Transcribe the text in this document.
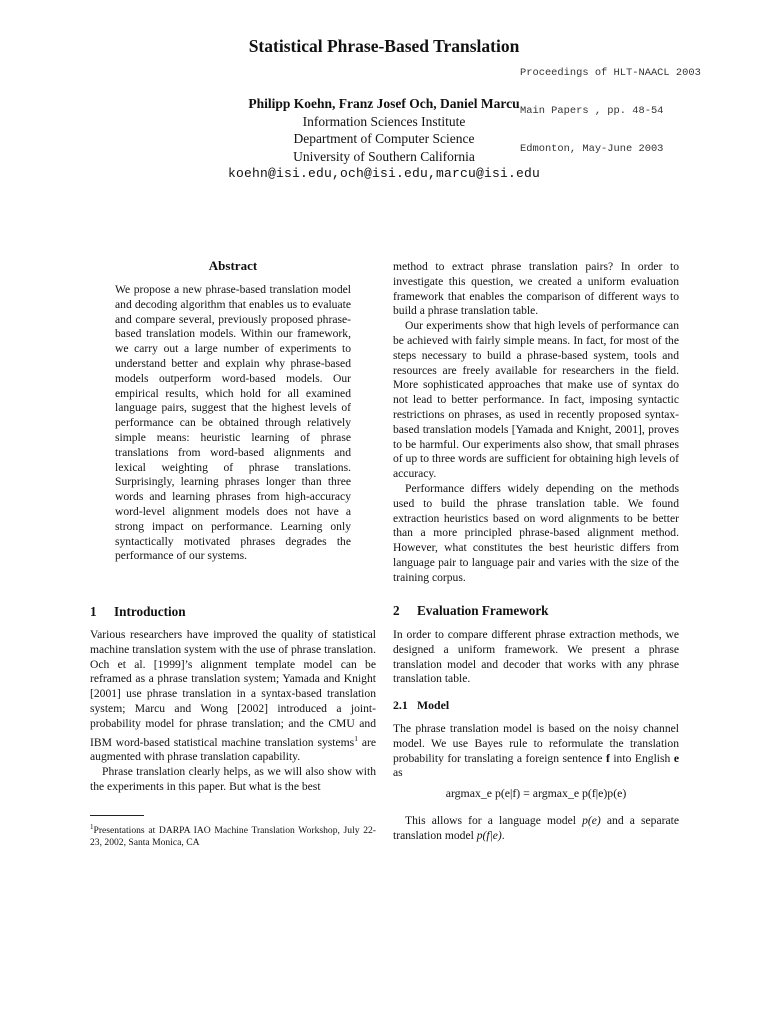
Statistical Phrase-Based Translation

Proceedings of HLT-NAACL 2003

Main Papers , pp. 48-54

Edmonton, May-June 2003

Philipp Koehn, Franz Josef Och, Daniel Marcu
Information Sciences Institute
Department of Computer Science
University of Southern California
koehn@isi.edu,och@isi.edu,marcu@isi.edu
Abstract

We propose a new phrase-based translation model and decoding algorithm that enables us to evaluate and compare several, previously proposed phrase-based translation models. Within our framework, we carry out a large number of experiments to understand better and explain why phrase-based models outperform word-based models. Our empirical results, which hold for all examined language pairs, suggest that the highest levels of performance can be obtained through relatively simple means: heuristic learning of phrase translations from word-based alignments and lexical weighting of phrase translations. Surprisingly, learning phrases longer than three words and learning phrases from high-accuracy word-level alignment models does not have a strong impact on performance. Learning only syntactically motivated phrases degrades the performance of our systems.

1 Introduction

Various researchers have improved the quality of statistical machine translation system with the use of phrase translation. Och et al. [1999]’s alignment template model can be reframed as a phrase translation system; Yamada and Knight [2001] use phrase translation in a syntax-based translation system; Marcu and Wong [2002] introduced a joint-probability model for phrase translation; and the CMU and IBM word-based statistical machine translation systems$^1$ are augmented with phrase translation capability.

Phrase translation clearly helps, as we will also show with the experiments in this paper. But what is the best

$^1$Presentations at DARPA IAO Machine Translation Workshop, July 22-23, 2002, Santa Monica, CA

method to extract phrase translation pairs? In order to investigate this question, we created a uniform evaluation framework that enables the comparison of different ways to build a phrase translation table.

Our experiments show that high levels of performance can be achieved with fairly simple means. In fact, for most of the steps necessary to build a phrase-based system, tools and resources are freely available for researchers in the field. More sophisticated approaches that make use of syntax do not lead to better performance. In fact, imposing syntactic restrictions on phrases, as used in recently proposed syntax-based translation models [Yamada and Knight, 2001], proves to be harmful. Our experiments also show, that small phrases of up to three words are sufficient for obtaining high levels of accuracy.

Performance differs widely depending on the methods used to build the phrase translation table. We found extraction heuristics based on word alignments to be better than a more principled phrase-based alignment method. However, what constitutes the best heuristic differs from language pair to language pair and varies with the size of the training corpus.

2 Evaluation Framework

In order to compare different phrase extraction methods, we designed a uniform framework. We present a phrase translation model and decoder that works with any phrase translation table.

2.1 Model

The phrase translation model is based on the noisy channel model. We use Bayes rule to reformulate the translation probability for translating a foreign sentence f into English e as

argmax_e p(e|f) = argmax_e p(f|e)p(e)

This allows for a language model p(e) and a separate translation model p(f|e).
